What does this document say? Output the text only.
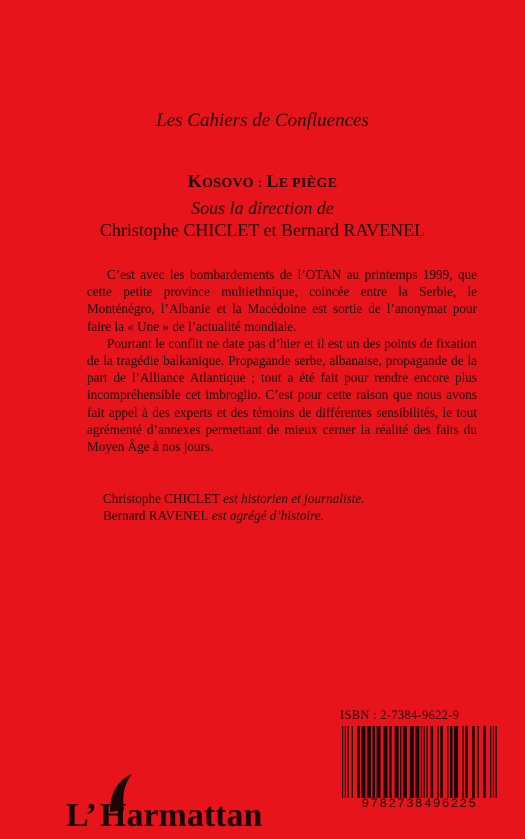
Les Cahiers de Confluences
KOSOVO : LE PIÈGE
Sous la direction de
Christophe CHICLET et Bernard RAVENEL

C’est avec les bombardements de l’OTAN au printemps 1999, que cette petite province multiethnique, coincée entre la Serbie, le Monténégro, l’Albanie et la Macédoine est sortie de l’anonymat pour faire la « Une » de l’actualité mondiale.

Pourtant le conflit ne date pas d’hier et il est un des points de fixation de la tragédie balkanique. Propagande serbe, albanaise, propagande de la part de l’Alliance Atlantique ; tout a été fait pour rendre encore plus incompréhensible cet imbroglio. C’est pour cette raison que nous avons fait appel à des experts et des témoins de différentes sensibilités, le tout agrémenté d’annexes permettant de mieux cerner la réalité des faits du Moyen Âge à nos jours.

Christophe CHICLET est historien et journaliste.

Bernard RAVENEL est agrégé d’histoire.

ISBN : 2-7384-9622-9
9782738496225
L’ Harmattan
